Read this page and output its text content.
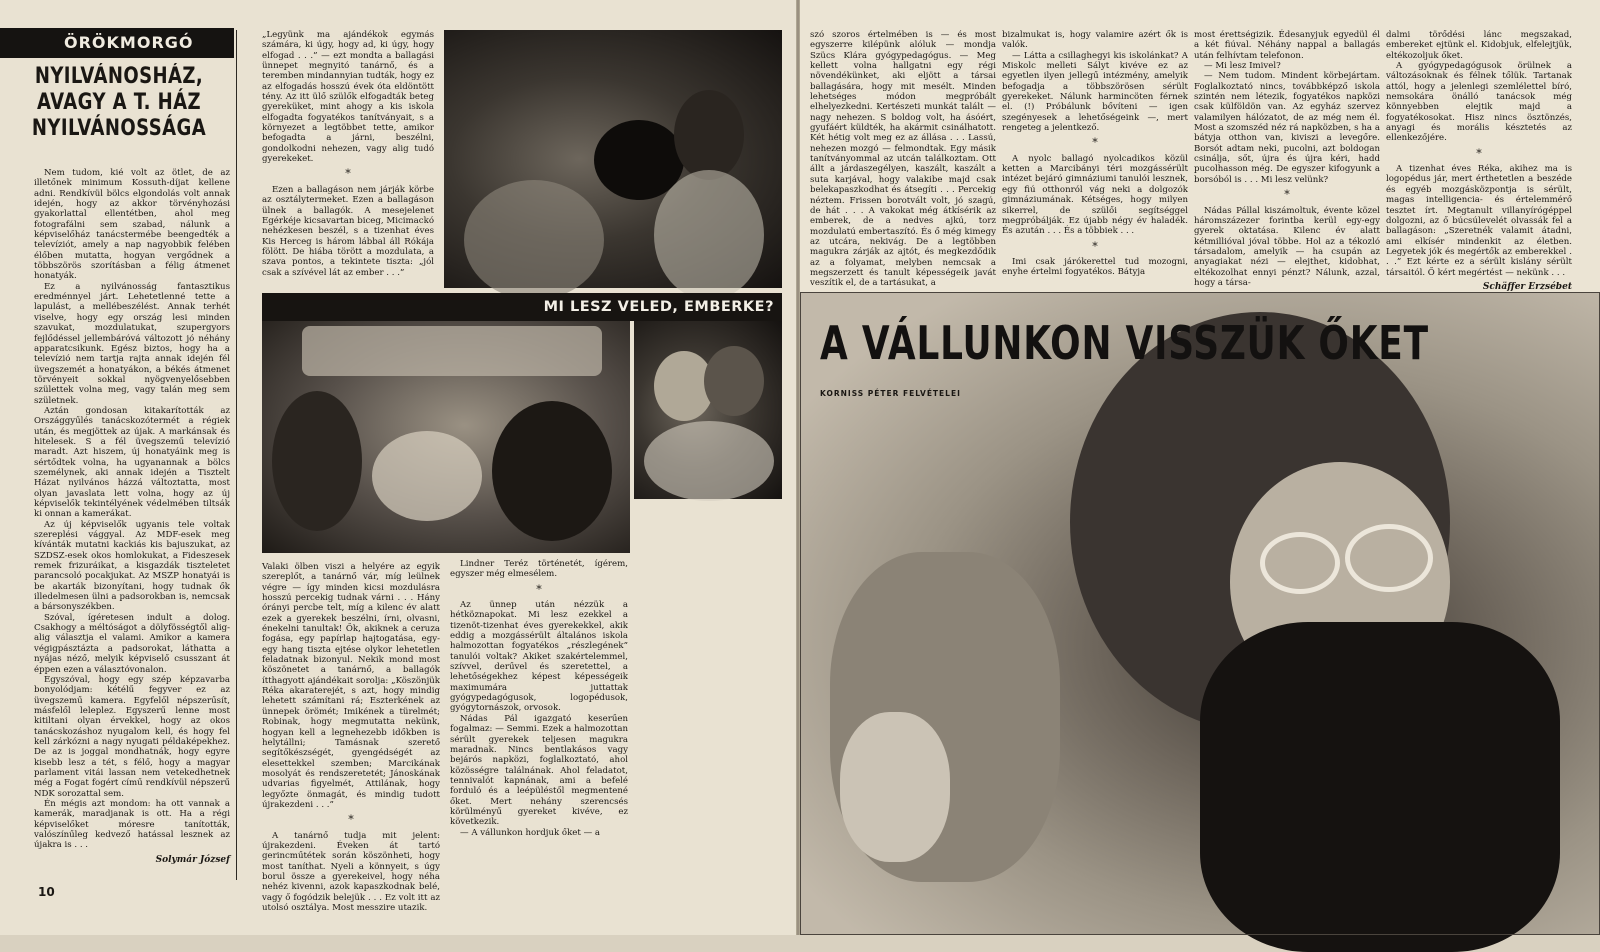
ÖRÖKMORGÓ
NYILVÁNOSHÁZ,
AVAGY A T. HÁZ
NYILVÁNOSSÁGA

Nem tudom, kié volt az ötlet, de az illetőnek minimum Kossuth-díjat kellene adni. Rendkívül bölcs elgondolás volt annak idején, hogy az akkor törvényhozási gyakorlattal ellentétben, ahol meg fotografálni sem szabad, nálunk a képviselőház tanácstermébe beengedték a televíziót, amely a nap nagyobbik felében élőben mutatta, hogyan vergődnek a többszörös szorításban a félig átmenet honatyák.

Ez a nyilvánosság fantasztikus eredménnyel járt. Lehetetlenné tette a lapulást, a mellébeszélést. Annak terhét viselve, hogy egy ország lesi minden szavukat, mozdulatukat, szupergyors fejlődéssel jellembáróvá változott jó néhány apparatcsikunk. Egész biztos, hogy ha a televízió nem tartja rajta annak idején fél üvegszemét a honatyákon, a békés átmenet törvényeit sokkal nyögvenyelősebben születtek volna meg, vagy talán meg sem születnek.

Aztán gondosan kitakarították az Országgyűlés tanácskozótermét a régiek után, és megjöttek az újak. A markánsak és hitelesek. S a fél üvegszemű televízió maradt. Azt hiszem, új honatyáink meg is sértődtek volna, ha ugyanannak a bölcs személynek, aki annak idején a Tisztelt Házat nyilvános házzá változtatta, most olyan javaslata lett volna, hogy az új képviselők tekintélyének védelmében tiltsák ki onnan a kamerákat.

Az új képviselők ugyanis tele voltak szereplési vággyal. Az MDF-esek meg kívánták mutatni kackiás kis bajuszukat, az SZDSZ-esek okos homlokukat, a Fideszesek remek frizuráikat, a kisgazdák tiszteletet parancsoló pocakjukat. Az MSZP honatyái is be akarták bizonyítani, hogy tudnak ők illedelmesen ülni a padsorokban is, nemcsak a bársonyszékben.

Szóval, ígéretesen indult a dolog. Csakhogy a méltóságot a dölyfösségtől alig-alig választja el valami. Amikor a kamera végigpásztázta a padsorokat, láthatta a nyájas néző, melyik képviselő csusszant át éppen ezen a választóvonalon.

Egyszóval, hogy egy szép képzavarba bonyolódjam: kétélű fegyver ez az üvegszemű kamera. Egyfelől népszerűsít, másfelől leleplez. Egyszerű lenne most kitiltani olyan érvekkel, hogy az okos tanácskozáshoz nyugalom kell, és hogy fel kell zárkózni a nagy nyugati példaképekhez. De az is joggal mondhatnák, hogy egyre kisebb lesz a tét, s félő, hogy a magyar parlament vitái lassan nem vetekedhetnek még a Fogat fogért című rendkívül népszerű NDK sorozattal sem.

Én mégis azt mondom: ha ott vannak a kamerák, maradjanak is ott. Ha a régi képviselőket móresre tanították, valószínűleg kedvező hatással lesznek az újakra is . . .

Solymár József

„Legyünk ma ajándékok egymás számára, ki úgy, hogy ad, ki úgy, hogy elfogad . . .” — ezt mondta a ballagási ünnepet megnyitó tanárnő, és a teremben mindannyian tudták, hogy ez az elfogadás hosszú évek óta eldöntött tény. Az itt ülő szülők elfogadták beteg gyereküket, mint ahogy a kis iskola elfogadta fogyatékos tanítványait, s a környezet a legtöbbet tette, amikor befogadta a járni, beszélni, gondolkodni nehezen, vagy alig tudó gyerekeket.

*

Ezen a ballagáson nem járják körbe az osztálytermeket. Ezen a ballagáson ülnek a ballagók. A mesejelenet Egérkéje kicsavartan biceg, Micimackó nehézkesen beszél, s a tizenhat éves Kis Herceg is három lábbal áll Rókája fölött. De hiába törött a mozdulata, a szava pontos, a tekintete tiszta: „jól csak a szívével lát az ember . . .”

MI LESZ VELED, EMBERKE?

Valaki ölben viszi a helyére az egyik szereplőt, a tanárnő vár, míg leülnek végre — így minden kicsi mozdulásra hosszú percekig tudnak várni . . . Hány órányi percbe telt, míg a kilenc év alatt ezek a gyerekek beszélni, írni, olvasni, énekelni tanultak! Ők, akiknek a ceruza fogása, egy papírlap hajtogatása, egy-egy hang tiszta ejtése olykor lehetetlen feladatnak bizonyul. Nekik mond most köszönetet a tanárnő, a ballagók ítthagyott ajándékait sorolja: „Köszönjük Réka akaraterejét, s azt, hogy mindig lehetett számítani rá; Eszterkének az ünnepek örömét; Imikének a türelmét; Robinak, hogy megmutatta nekünk, hogyan kell a legnehezebb időkben is helytállni; Tamásnak szerető segítőkészségét, gyengédségét az elesettekkel szemben; Marcikának mosolyát és rendszeretetét; Jánoskának udvarias figyelmét, Attilának, hogy legyőzte önmagát, és mindig tudott újrakezdeni . . .”

*

A tanárnő tudja mit jelent: újrakezdeni. Éveken át tartó gerincműtétek során köszönheti, hogy most taníthat. Nyeli a könnyeit, s úgy borul össze a gyerekeivel, hogy néha nehéz kivenni, azok kapaszkodnak belé, vagy ő fogódzik belejük . . . Ez volt itt az utolsó osztálya. Most messzire utazik.

Lindner Teréz történetét, ígérem, egyszer még elmesélem.

*

Az ünnep után nézzük a hétköznapokat. Mi lesz ezekkel a tizenöt-tizenhat éves gyerekekkel, akik eddig a mozgássérült általános iskola halmozottan fogyatékos „részlegének” tanulói voltak? Akiket szakértelemmel, szívvel, derűvel és szeretettel, a lehetőségekhez képest képességeik maximumára juttattak gyógypedagógusok, logopédusok, gyógytornászok, orvosok.

Nádas Pál igazgató keserűen fogalmaz: — Semmi. Ezek a halmozottan sérült gyerekek teljesen magukra maradnak. Nincs bentlakásos vagy bejárós napközi, foglalkoztató, ahol közösségre találnának. Ahol feladatot, tennivalót kapnának, ami a befelé forduló és a leépüléstől megmentené őket. Mert nehány szerencsés körülményű gyereket kivéve, ez következik.

— A vállunkon hordjuk őket — a

10

szó szoros értelmében is — és most egyszerre kilépünk alóluk — mondja Szücs Klára gyógypedagógus. — Meg kellett volna hallgatni egy régi növendékünket, aki eljött a társai ballagására, hogy mit mesélt. Minden lehetséges módon megpróbált elhelyezkedni. Kertészeti munkát talált — nagy nehezen. S boldog volt, ha ásóért, gyufáért küldték, ha akármit csinálhatott. Két hétig volt meg ez az állása . . . Lassú, nehezen mozgó — felmondtak. Egy másik tanítványommal az utcán találkoztam. Ott állt a járdaszegélyen, kaszált, kaszált a suta karjával, hogy valakibe majd csak belekapaszkodhat és átsegíti . . . Percekig néztem. Frissen borotvált volt, jó szagú, de hát . . . A vakokat még átkísérik az emberek, de a nedves ajkú, torz mozdulatú embertaszító. És ő még kimegy az utcára, nekivág. De a legtöbben magukra zárják az ajtót, és megkezdődik az a folyamat, melyben nemcsak a megszerzett és tanult képességeik javát veszítik el, de a tartásukat, a

bizalmukat is, hogy valamire azért ők is valók.

— Látta a csillaghegyi kis iskolánkat? A Miskolc melleti Sályt kivéve ez az egyetlen ilyen jellegű intézmény, amelyik befogadja a többszörösen sérült gyerekeket. Nálunk harmincöten férnek el. (!) Próbálunk bővíteni — igen szegényesek a lehetőségeink —, mert rengeteg a jelentkező.

*

A nyolc ballagó nyolcadikos közül ketten a Marcibányi téri mozgássérült intézet bejáró gimnáziumi tanulói lesznek, egy fiú otthonról vág neki a dolgozók gimnáziumának. Kétséges, hogy milyen sikerrel, de szülői segítséggel megpróbálják. Ez újabb négy év haladék. És azután . . . És a többiek . . .

*

Imi csak járókerettel tud mozogni, enyhe értelmi fogyatékos. Bátyja

most érettségizik. Édesanyjuk egyedül él a két fiúval. Néhány nappal a ballagás után felhívtam telefonon.

— Mi lesz Imivel?

— Nem tudom. Mindent körbejártam. Foglalkoztató nincs, továbbképző iskola szintén nem létezik, fogyatékos napközi csak külföldön van. Az egyház szervez valamilyen hálózatot, de az még nem él. Most a szomszéd néz rá napközben, s ha a bátyja otthon van, kiviszi a levegőre. Borsót adtam neki, pucolni, azt boldogan csinálja, sőt, újra és újra kéri, hadd pucolhasson még. De egyszer kifogyunk a borsóból is . . . Mi lesz velünk?

*

Nádas Pállal kiszámoltuk, évente közel háromszázezer forintba kerül egy-egy gyerek oktatása. Kilenc év alatt kétmillióval jóval többe. Hol az a tékozló társadalom, amelyik — ha csupán az anyagiakat nézi — elejthet, kidobhat, eltékozolhat ennyi pénzt? Nálunk, azzal, hogy a társa-

dalmi törődési lánc megszakad, embereket ejtünk el. Kidobjuk, elfelejtjük, eltékozoljuk őket.

A gyógypedagógusok örülnek a változásoknak és félnek tőlük. Tartanak attól, hogy a jelenlegi szemlélettel bíró, nemsokára önálló tanácsok még könnyebben elejtik majd a fogyatékosokat. Hisz nincs ösztönzés, anyagi és morális késztetés az ellenkezőjére.

*

A tizenhat éves Réka, akihez ma is logopédus jár, mert érthetetlen a beszéde és egyéb mozgásközpontja is sérült, magas intelligencia- és értelemmérő tesztet írt. Megtanult villanyírógéppel dolgozni, az ő búcsúlevelét olvassák fel a ballagáson: „Szeretnék valamit átadni, ami elkísér mindenkit az életben. Legyetek jók és megértők az emberekkel . . .” Ezt kérte ez a sérült kislány sérült társaitól. Ő kért megértést — nekünk . . .

Schäffer Erzsébet
A VÁLLUNKON VISSZÜK ŐKET
KORNISS PÉTER FELVÉTELEI
